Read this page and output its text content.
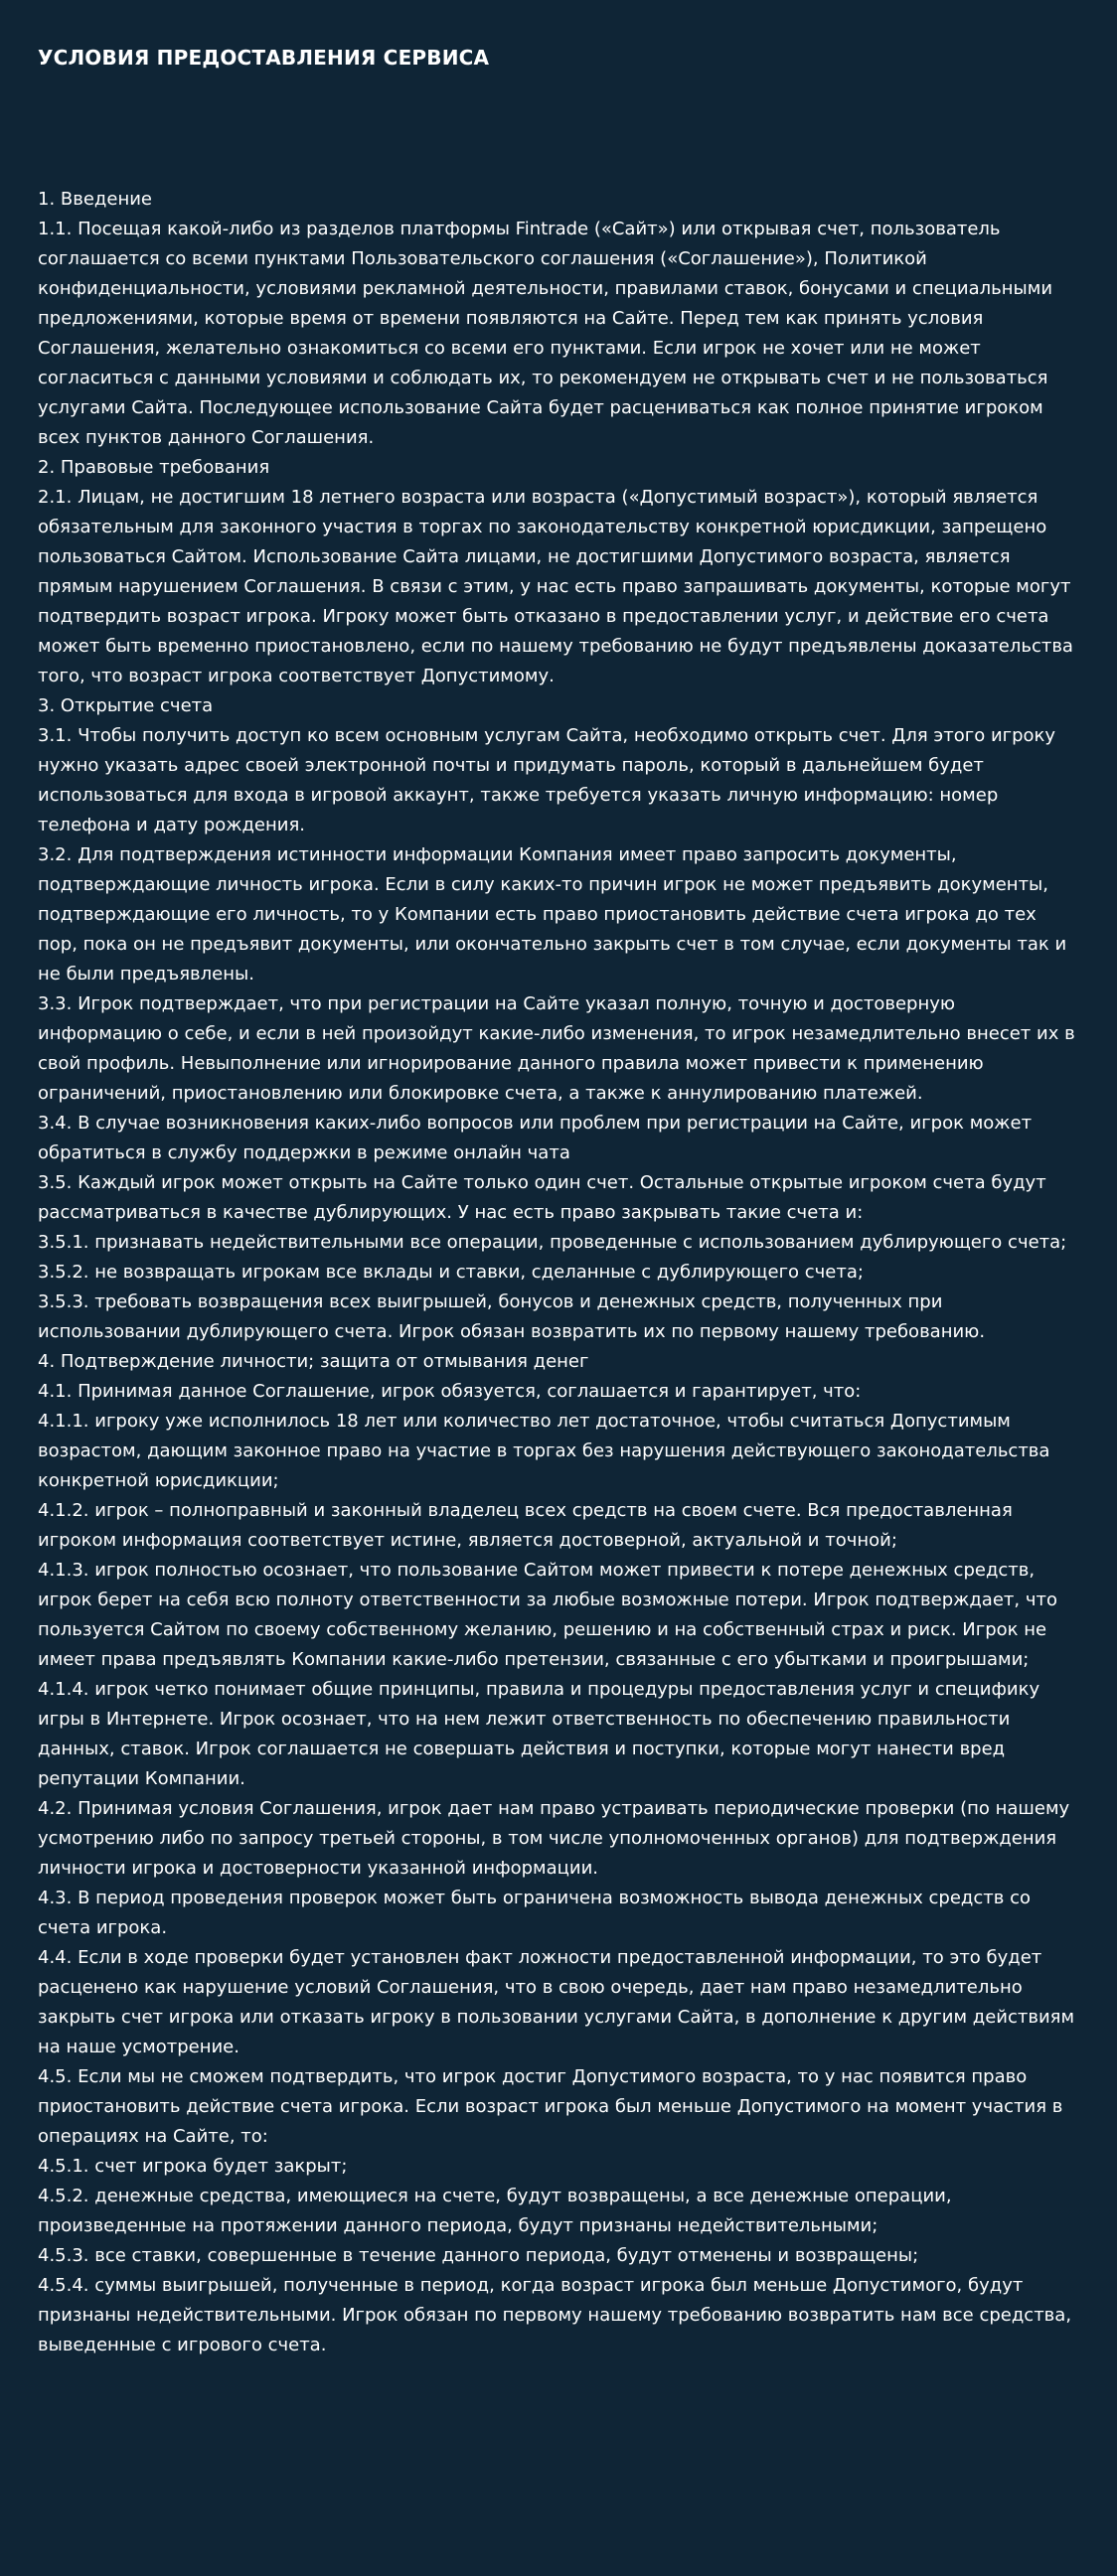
УСЛОВИЯ ПРЕДОСТАВЛЕНИЯ СЕРВИСА

1. Введение

1.1. Посещая какой-либо из разделов платформы Fintrade («Сайт») или открывая счет, пользователь соглашается со всеми пунктами Пользовательского соглашения («Соглашение»), Политикой конфиденциальности, условиями рекламной деятельности, правилами ставок, бонусами и специальными предложениями, которые время от времени появляются на Сайте. Перед тем как принять условия Соглашения, желательно ознакомиться со всеми его пунктами. Если игрок не хочет или не может согласиться с данными условиями и соблюдать их, то рекомендуем не открывать счет и не пользоваться услугами Сайта. Последующее использование Сайта будет расцениваться как полное принятие игроком всех пунктов данного Соглашения.

2. Правовые требования

2.1. Лицам, не достигшим 18 летнего возраста или возраста («Допустимый возраст»), который является обязательным для законного участия в торгах по законодательству конкретной юрисдикции, запрещено пользоваться Сайтом. Использование Сайта лицами, не достигшими Допустимого возраста, является прямым нарушением Соглашения. В связи с этим, у нас есть право запрашивать документы, которые могут подтвердить возраст игрока. Игроку может быть отказано в предоставлении услуг, и действие его счета может быть временно приостановлено, если по нашему требованию не будут предъявлены доказательства того, что возраст игрока соответствует Допустимому.

3. Открытие счета

3.1. Чтобы получить доступ ко всем основным услугам Сайта, необходимо открыть счет. Для этого игроку нужно указать адрес своей электронной почты и придумать пароль, который в дальнейшем будет использоваться для входа в игровой аккаунт, также требуется указать личную информацию: номер телефона и дату рождения.

3.2. Для подтверждения истинности информации Компания имеет право запросить документы, подтверждающие личность игрока. Если в силу каких-то причин игрок не может предъявить документы, подтверждающие его личность, то у Компании есть право приостановить действие счета игрока до тех пор, пока он не предъявит документы, или окончательно закрыть счет в том случае, если документы так и не были предъявлены.

3.3. Игрок подтверждает, что при регистрации на Сайте указал полную, точную и достоверную информацию о себе, и если в ней произойдут какие-либо изменения, то игрок незамедлительно внесет их в свой профиль. Невыполнение или игнорирование данного правила может привести к применению ограничений, приостановлению или блокировке счета, а также к аннулированию платежей.

3.4. В случае возникновения каких-либо вопросов или проблем при регистрации на Сайте, игрок может обратиться в службу поддержки в режиме онлайн чата

3.5. Каждый игрок может открыть на Сайте только один счет. Остальные открытые игроком счета будут рассматриваться в качестве дублирующих. У нас есть право закрывать такие счета и:

3.5.1. признавать недействительными все операции, проведенные с использованием дублирующего счета;

3.5.2. не возвращать игрокам все вклады и ставки, сделанные с дублирующего счета;

3.5.3. требовать возвращения всех выигрышей, бонусов и денежных средств, полученных при использовании дублирующего счета. Игрок обязан возвратить их по первому нашему требованию.

4. Подтверждение личности; защита от отмывания денег

4.1. Принимая данное Соглашение, игрок обязуется, соглашается и гарантирует, что:

4.1.1. игроку уже исполнилось 18 лет или количество лет достаточное, чтобы считаться Допустимым возрастом, дающим законное право на участие в торгах без нарушения действующего законодательства конкретной юрисдикции;

4.1.2. игрок – полноправный и законный владелец всех средств на своем счете. Вся предоставленная игроком информация соответствует истине, является достоверной, актуальной и точной;

4.1.3. игрок полностью осознает, что пользование Сайтом может привести к потере денежных средств, игрок берет на себя всю полноту ответственности за любые возможные потери. Игрок подтверждает, что пользуется Сайтом по своему собственному желанию, решению и на собственный страх и риск. Игрок не имеет права предъявлять Компании какие-либо претензии, связанные с его убытками и проигрышами;

4.1.4. игрок четко понимает общие принципы, правила и процедуры предоставления услуг и специфику игры в Интернете. Игрок осознает, что на нем лежит ответственность по обеспечению правильности данных, ставок. Игрок соглашается не совершать действия и поступки, которые могут нанести вред репутации Компании.

4.2. Принимая условия Соглашения, игрок дает нам право устраивать периодические проверки (по нашему усмотрению либо по запросу третьей стороны, в том числе уполномоченных органов) для подтверждения личности игрока и достоверности указанной информации.

4.3. В период проведения проверок может быть ограничена возможность вывода денежных средств со счета игрока.

4.4. Если в ходе проверки будет установлен факт ложности предоставленной информации, то это будет расценено как нарушение условий Соглашения, что в свою очередь, дает нам право незамедлительно закрыть счет игрока или отказать игроку в пользовании услугами Сайта, в дополнение к другим действиям на наше усмотрение.

4.5. Если мы не сможем подтвердить, что игрок достиг Допустимого возраста, то у нас появится право приостановить действие счета игрока. Если возраст игрока был меньше Допустимого на момент участия в операциях на Сайте, то:

4.5.1. счет игрока будет закрыт;

4.5.2. денежные средства, имеющиеся на счете, будут возвращены, а все денежные операции, произведенные на протяжении данного периода, будут признаны недействительными;

4.5.3. все ставки, совершенные в течение данного периода, будут отменены и возвращены;

4.5.4. суммы выигрышей, полученные в период, когда возраст игрока был меньше Допустимого, будут признаны недействительными. Игрок обязан по первому нашему требованию возвратить нам все средства, выведенные с игрового счета.
